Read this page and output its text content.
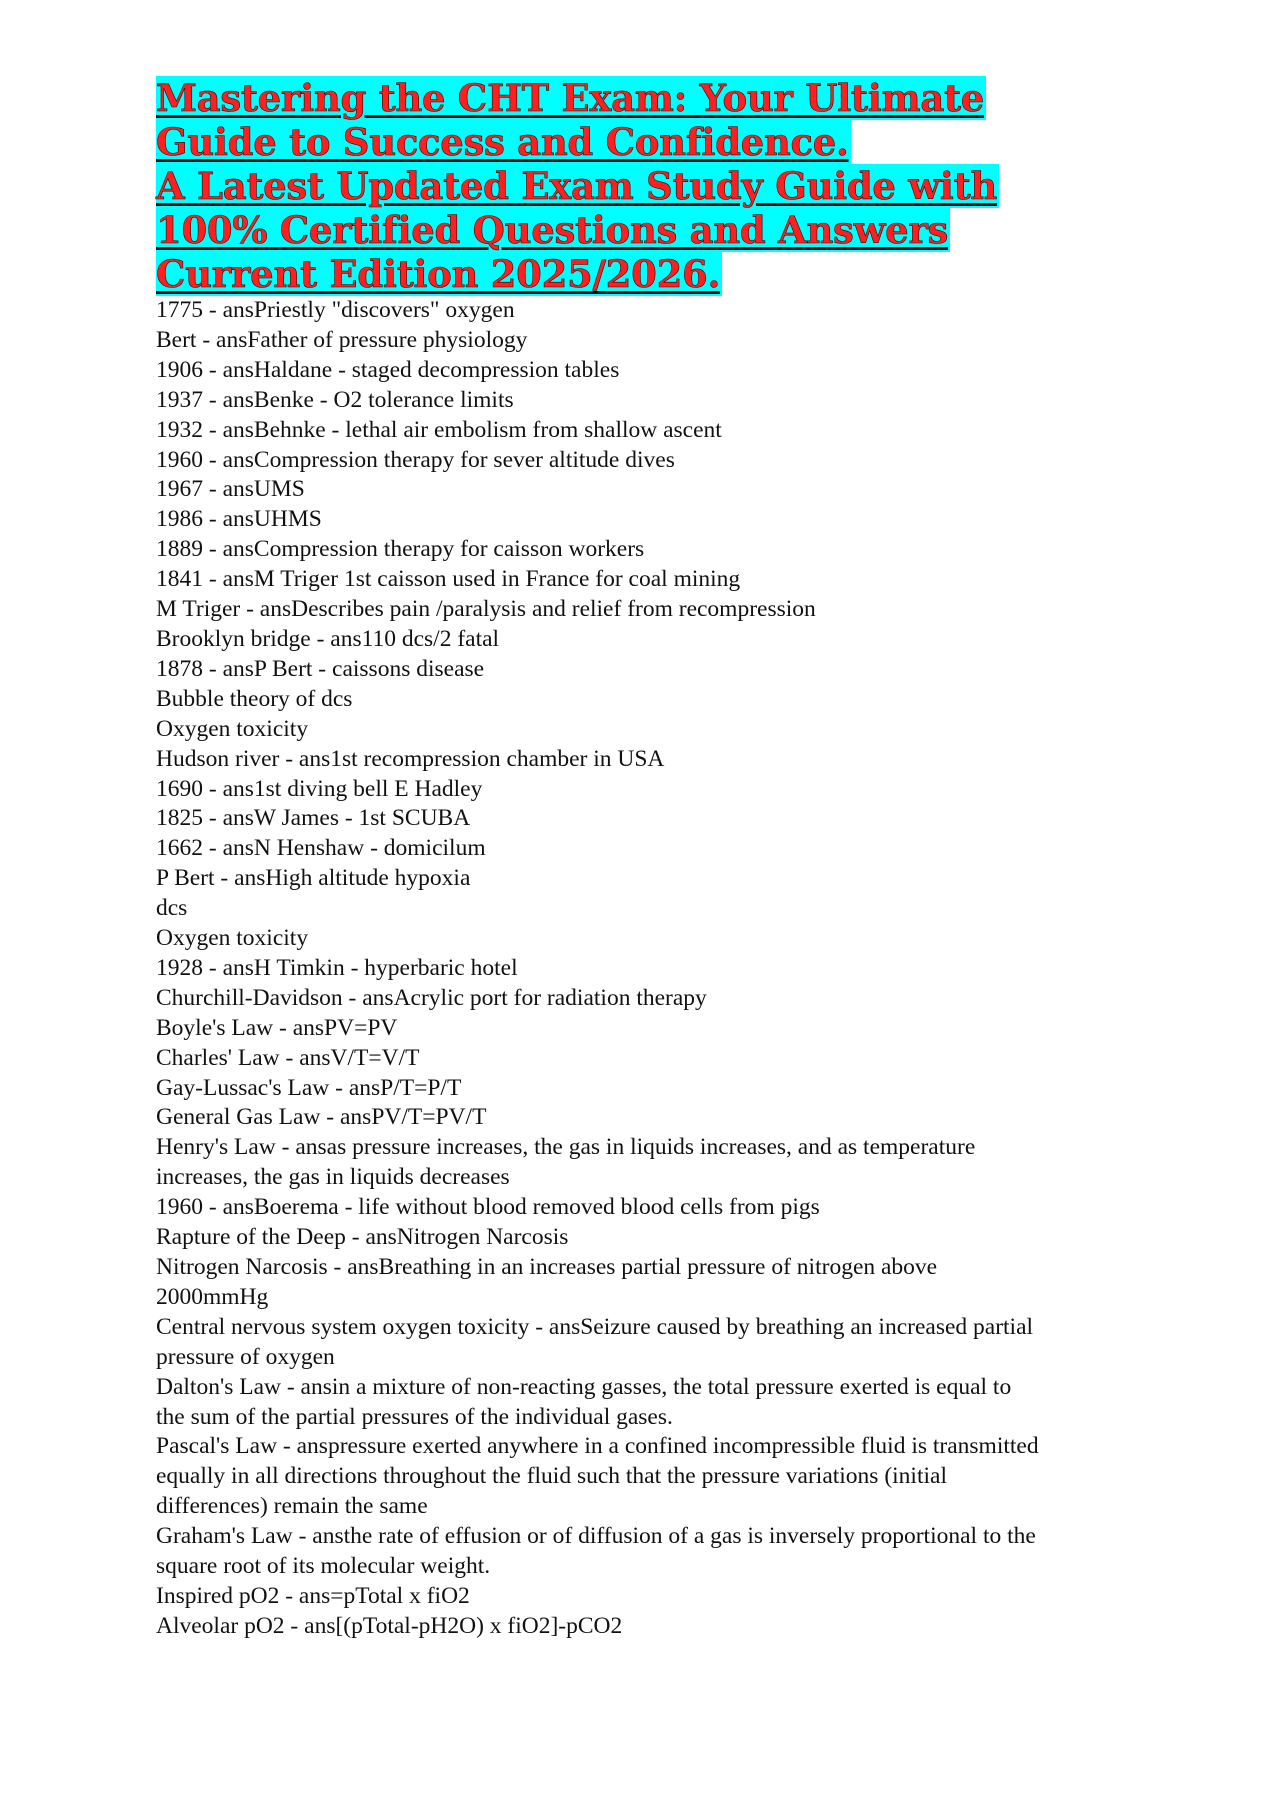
Mastering the CHT Exam: Your Ultimate
Guide to Success and Confidence.
A Latest Updated Exam Study Guide with
100% Certified Questions and Answers
Current Edition 2025/2026.
1775 - ansPriestly "discovers" oxygen
Bert - ansFather of pressure physiology
1906 - ansHaldane - staged decompression tables
1937 - ansBenke - O2 tolerance limits
1932 - ansBehnke - lethal air embolism from shallow ascent
1960 - ansCompression therapy for sever altitude dives
1967 - ansUMS
1986 - ansUHMS
1889 - ansCompression therapy for caisson workers
1841 - ansM Triger 1st caisson used in France for coal mining
M Triger - ansDescribes pain /paralysis and relief from recompression
Brooklyn bridge - ans110 dcs/2 fatal
1878 - ansP Bert - caissons disease
Bubble theory of dcs
Oxygen toxicity
Hudson river - ans1st recompression chamber in USA
1690 - ans1st diving bell E Hadley
1825 - ansW James - 1st SCUBA
1662 - ansN Henshaw - domicilum
P Bert - ansHigh altitude hypoxia
dcs
Oxygen toxicity
1928 - ansH Timkin - hyperbaric hotel
Churchill-Davidson - ansAcrylic port for radiation therapy
Boyle's Law - ansPV=PV
Charles' Law - ansV/T=V/T
Gay-Lussac's Law - ansP/T=P/T
General Gas Law - ansPV/T=PV/T
Henry's Law - ansas pressure increases, the gas in liquids increases, and as temperature
increases, the gas in liquids decreases
1960 - ansBoerema - life without blood removed blood cells from pigs
Rapture of the Deep - ansNitrogen Narcosis
Nitrogen Narcosis - ansBreathing in an increases partial pressure of nitrogen above
2000mmHg
Central nervous system oxygen toxicity - ansSeizure caused by breathing an increased partial
pressure of oxygen
Dalton's Law - ansin a mixture of non-reacting gasses, the total pressure exerted is equal to
the sum of the partial pressures of the individual gases.
Pascal's Law - anspressure exerted anywhere in a confined incompressible fluid is transmitted
equally in all directions throughout the fluid such that the pressure variations (initial
differences) remain the same
Graham's Law - ansthe rate of effusion or of diffusion of a gas is inversely proportional to the
square root of its molecular weight.
Inspired pO2 - ans=pTotal x fiO2
Alveolar pO2 - ans[(pTotal-pH2O) x fiO2]-pCO2
